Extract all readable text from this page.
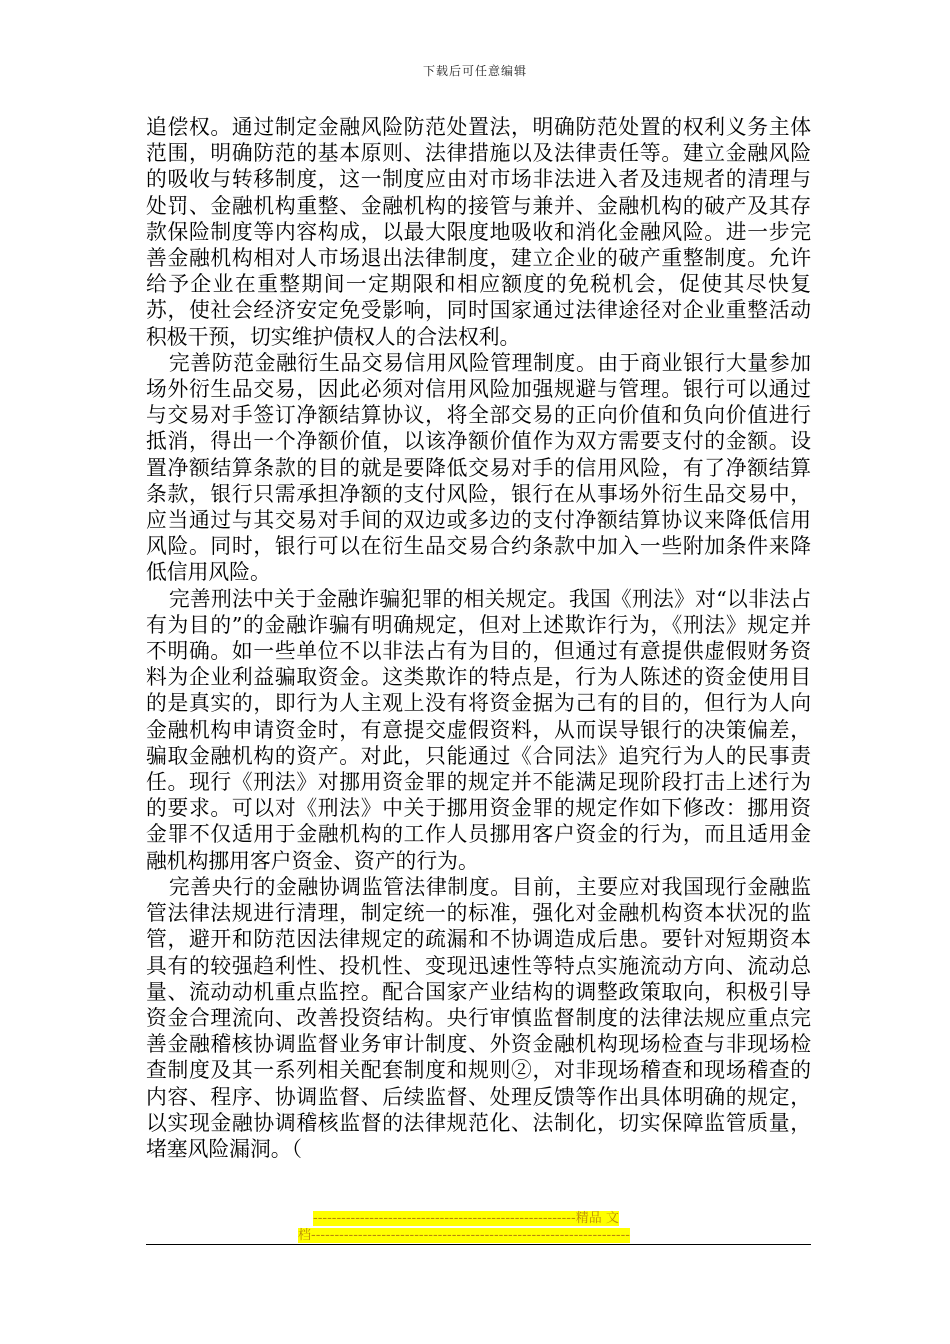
下载后可任意编辑

追偿权。通过制定金融风险防范处置法，明确防范处置的权利义务主体范围，明确防范的基本原则、法律措施以及法律责任等。建立金融风险的吸收与转移制度，这一制度应由对市场非法进入者及违规者的清理与处罚、金融机构重整、金融机构的接管与兼并、金融机构的破产及其存款保险制度等内容构成，以最大限度地吸收和消化金融风险。进一步完善金融机构相对人市场退出法律制度，建立企业的破产重整制度。允许给予企业在重整期间一定期限和相应额度的免税机会，促使其尽快复苏，使社会经济安定免受影响，同时国家通过法律途径对企业重整活动积极干预，切实维护债权人的合法权利。

完善防范金融衍生品交易信用风险管理制度。由于商业银行大量参加场外衍生品交易，因此必须对信用风险加强规避与管理。银行可以通过与交易对手签订净额结算协议，将全部交易的正向价值和负向价值进行抵消，得出一个净额价值，以该净额价值作为双方需要支付的金额。设置净额结算条款的目的就是要降低交易对手的信用风险，有了净额结算条款，银行只需承担净额的支付风险，银行在从事场外衍生品交易中，应当通过与其交易对手间的双边或多边的支付净额结算协议来降低信用风险。同时，银行可以在衍生品交易合约条款中加入一些附加条件来降低信用风险。

完善刑法中关于金融诈骗犯罪的相关规定。我国《刑法》对“以非法占有为目的”的金融诈骗有明确规定，但对上述欺诈行为，《刑法》规定并不明确。如一些单位不以非法占有为目的，但通过有意提供虚假财务资料为企业利益骗取资金。这类欺诈的特点是，行为人陈述的资金使用目的是真实的，即行为人主观上没有将资金据为己有的目的，但行为人向金融机构申请资金时，有意提交虚假资料，从而误导银行的决策偏差，骗取金融机构的资产。对此，只能通过《合同法》追究行为人的民事责任。现行《刑法》对挪用资金罪的规定并不能满足现阶段打击上述行为的要求。可以对《刑法》中关于挪用资金罪的规定作如下修改：挪用资金罪不仅适用于金融机构的工作人员挪用客户资金的行为，而且适用金融机构挪用客户资金、资产的行为。

完善央行的金融协调监管法律制度。目前，主要应对我国现行金融监管法律法规进行清理，制定统一的标准，强化对金融机构资本状况的监管，避开和防范因法律规定的疏漏和不协调造成后患。要针对短期资本具有的较强趋利性、投机性、变现迅速性等特点实施流动方向、流动总量、流动动机重点监控。配合国家产业结构的调整政策取向，积极引导资金合理流向、改善投资结构。央行审慎监督制度的法律法规应重点完善金融稽核协调监督业务审计制度、外资金融机构现场检查与非现场检查制度及其一系列相关配套制度和规则②，对非现场稽查和现场稽查的内容、程序、协调监督、后续监督、处理反馈等作出具体明确的规定，以实现金融协调稽核监督的法律规范化、法制化，切实保障监管质量，堵塞风险漏洞。（

--------------------------------------------------------精品 文
档--------------------------------------------------------------------
